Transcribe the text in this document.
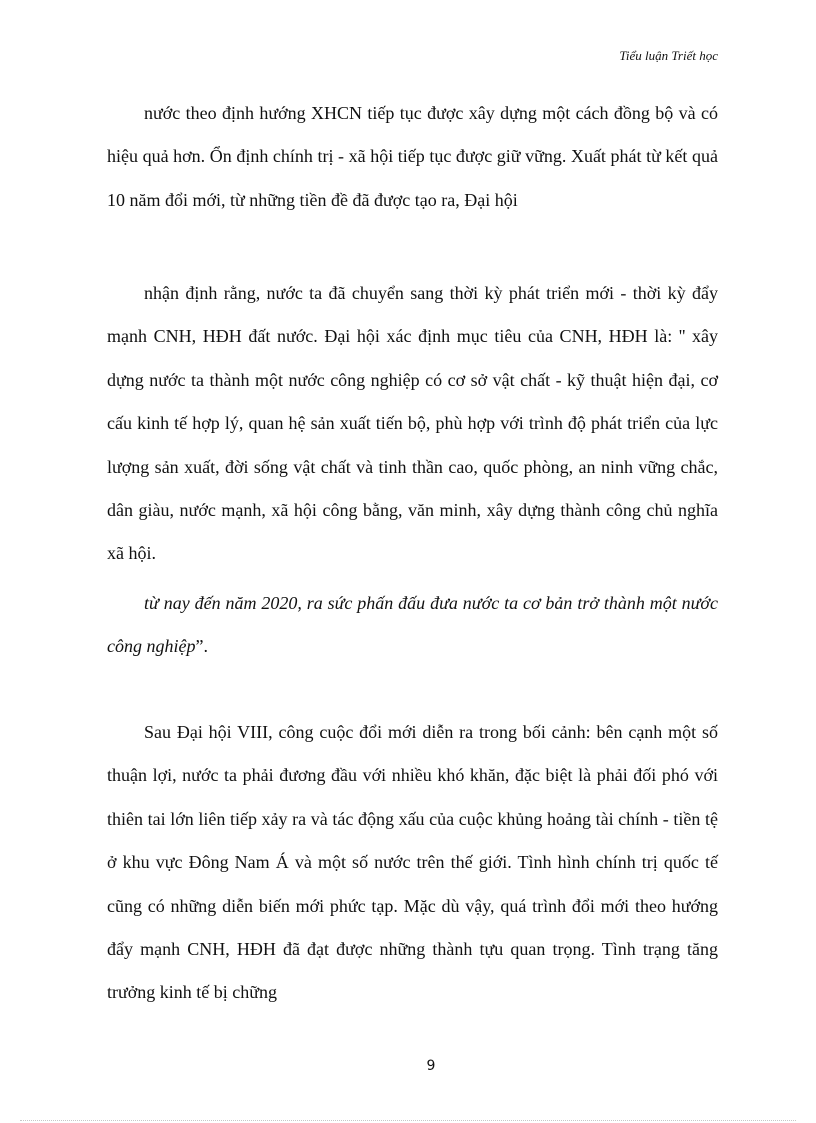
Tiểu luận Triết học

nước theo định hướng XHCN tiếp tục được xây dựng một cách đồng bộ và có hiệu quả hơn. Ổn định chính trị - xã hội tiếp tục được giữ vững. Xuất phát từ kết quả 10 năm đổi mới, từ những tiền đề đã được tạo ra, Đại hội

nhận định rằng, nước ta đã chuyển sang thời kỳ phát triển mới - thời kỳ đẩy mạnh CNH, HĐH đất nước. Đại hội xác định mục tiêu của CNH, HĐH là: '' xây dựng nước ta thành một nước công nghiệp có cơ sở vật chất - kỹ thuật hiện đại, cơ cấu kinh tế hợp lý, quan hệ sản xuất tiến bộ, phù hợp với trình độ phát triển của lực lượng sản xuất, đời sống vật chất và tinh thần cao, quốc phòng, an ninh vững chắc, dân giàu, nước mạnh, xã hội công bằng, văn minh, xây dựng thành công chủ nghĩa xã hội.

từ nay đến năm 2020, ra sức phấn đấu đưa nước ta cơ bản trở thành một nước công nghiệp”.

Sau Đại hội VIII, công cuộc đổi mới diễn ra trong bối cảnh: bên cạnh một số thuận lợi, nước ta phải đương đầu với nhiều khó khăn, đặc biệt là phải đối phó với thiên tai lớn liên tiếp xảy ra và tác động xấu của cuộc khủng hoảng tài chính - tiền tệ ở khu vực Đông Nam Á và một số nước trên thế giới. Tình hình chính trị quốc tế cũng có những diễn biến mới phức tạp. Mặc dù vậy, quá trình đổi mới theo hướng đẩy mạnh CNH, HĐH đã đạt được những thành tựu quan trọng. Tình trạng tăng trưởng kinh tế bị chững

9
